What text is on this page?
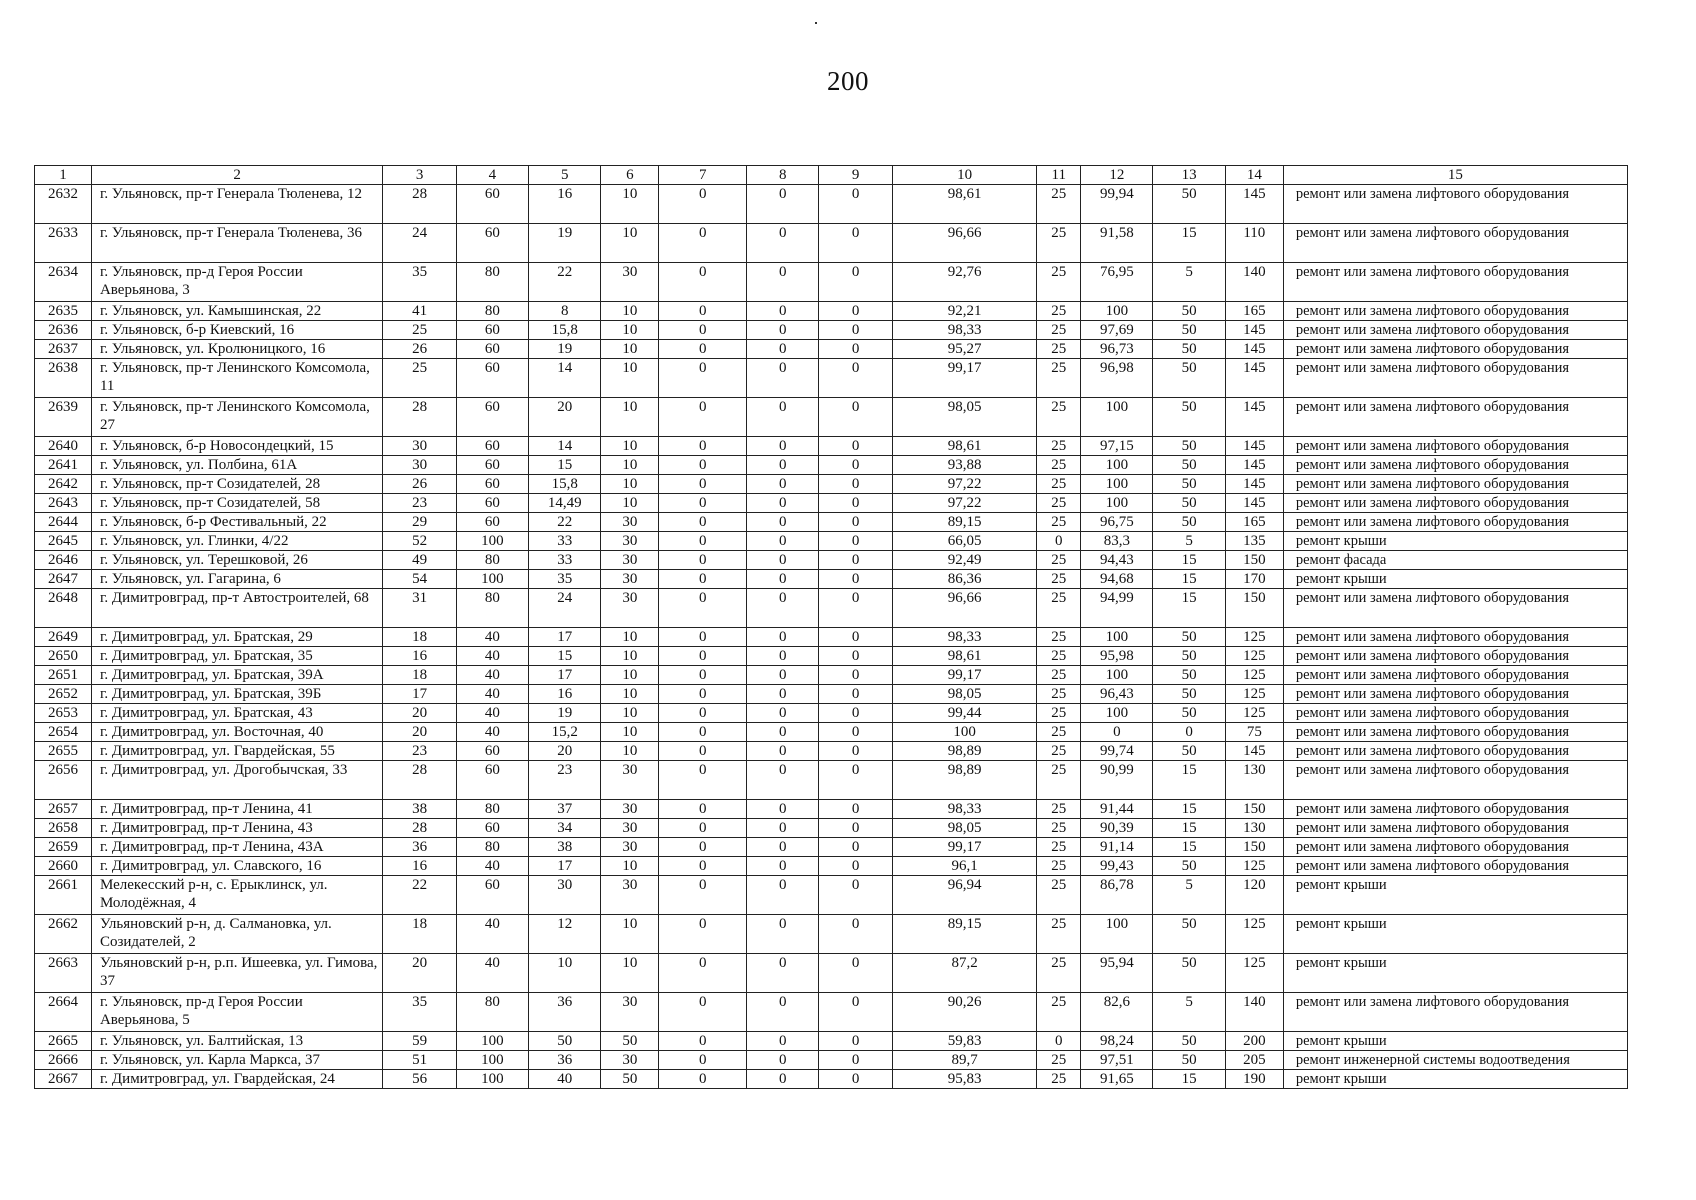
200
1	2	3	4	5	6	7	8	9	10	11	12	13	14	15
2632	г. Ульяновск, пр-т Генерала Тюленева, 12	28	60	16	10	0	0	0	98,61	25	99,94	50	145	ремонт или замена лифтового оборудования
2633	г. Ульяновск, пр-т Генерала Тюленева, 36	24	60	19	10	0	0	0	96,66	25	91,58	15	110	ремонт или замена лифтового оборудования
2634	г. Ульяновск, пр-д Героя России Аверьянова, 3	35	80	22	30	0	0	0	92,76	25	76,95	5	140	ремонт или замена лифтового оборудования
2635	г. Ульяновск, ул. Камышинская, 22	41	80	8	10	0	0	0	92,21	25	100	50	165	ремонт или замена лифтового оборудования
2636	г. Ульяновск, б-р Киевский, 16	25	60	15,8	10	0	0	0	98,33	25	97,69	50	145	ремонт или замена лифтового оборудования
2637	г. Ульяновск, ул. Кролюницкого, 16	26	60	19	10	0	0	0	95,27	25	96,73	50	145	ремонт или замена лифтового оборудования
2638	г. Ульяновск, пр-т Ленинского Комсомола, 11	25	60	14	10	0	0	0	99,17	25	96,98	50	145	ремонт или замена лифтового оборудования
2639	г. Ульяновск, пр-т Ленинского Комсомола, 27	28	60	20	10	0	0	0	98,05	25	100	50	145	ремонт или замена лифтового оборудования
2640	г. Ульяновск, б-р Новосондецкий, 15	30	60	14	10	0	0	0	98,61	25	97,15	50	145	ремонт или замена лифтового оборудования
2641	г. Ульяновск, ул. Полбина, 61А	30	60	15	10	0	0	0	93,88	25	100	50	145	ремонт или замена лифтового оборудования
2642	г. Ульяновск, пр-т Созидателей, 28	26	60	15,8	10	0	0	0	97,22	25	100	50	145	ремонт или замена лифтового оборудования
2643	г. Ульяновск, пр-т Созидателей, 58	23	60	14,49	10	0	0	0	97,22	25	100	50	145	ремонт или замена лифтового оборудования
2644	г. Ульяновск, б-р Фестивальный, 22	29	60	22	30	0	0	0	89,15	25	96,75	50	165	ремонт или замена лифтового оборудования
2645	г. Ульяновск, ул. Глинки, 4/22	52	100	33	30	0	0	0	66,05	0	83,3	5	135	ремонт крыши
2646	г. Ульяновск, ул. Терешковой, 26	49	80	33	30	0	0	0	92,49	25	94,43	15	150	ремонт фасада
2647	г. Ульяновск, ул. Гагарина, 6	54	100	35	30	0	0	0	86,36	25	94,68	15	170	ремонт крыши
2648	г. Димитровград, пр-т Автостроителей, 68	31	80	24	30	0	0	0	96,66	25	94,99	15	150	ремонт или замена лифтового оборудования
2649	г. Димитровград, ул. Братская, 29	18	40	17	10	0	0	0	98,33	25	100	50	125	ремонт или замена лифтового оборудования
2650	г. Димитровград, ул. Братская, 35	16	40	15	10	0	0	0	98,61	25	95,98	50	125	ремонт или замена лифтового оборудования
2651	г. Димитровград, ул. Братская, 39А	18	40	17	10	0	0	0	99,17	25	100	50	125	ремонт или замена лифтового оборудования
2652	г. Димитровград, ул. Братская, 39Б	17	40	16	10	0	0	0	98,05	25	96,43	50	125	ремонт или замена лифтового оборудования
2653	г. Димитровград, ул. Братская, 43	20	40	19	10	0	0	0	99,44	25	100	50	125	ремонт или замена лифтового оборудования
2654	г. Димитровград, ул. Восточная, 40	20	40	15,2	10	0	0	0	100	25	0	0	75	ремонт или замена лифтового оборудования
2655	г. Димитровград, ул. Гвардейская, 55	23	60	20	10	0	0	0	98,89	25	99,74	50	145	ремонт или замена лифтового оборудования
2656	г. Димитровград, ул. Дрогобычская, 33	28	60	23	30	0	0	0	98,89	25	90,99	15	130	ремонт или замена лифтового оборудования
2657	г. Димитровград, пр-т Ленина, 41	38	80	37	30	0	0	0	98,33	25	91,44	15	150	ремонт или замена лифтового оборудования
2658	г. Димитровград, пр-т Ленина, 43	28	60	34	30	0	0	0	98,05	25	90,39	15	130	ремонт или замена лифтового оборудования
2659	г. Димитровград, пр-т Ленина, 43А	36	80	38	30	0	0	0	99,17	25	91,14	15	150	ремонт или замена лифтового оборудования
2660	г. Димитровград, ул. Славского, 16	16	40	17	10	0	0	0	96,1	25	99,43	50	125	ремонт или замена лифтового оборудования
2661	Мелекесский р-н, с. Ерыклинск, ул. Молодёжная, 4	22	60	30	30	0	0	0	96,94	25	86,78	5	120	ремонт крыши
2662	Ульяновский р-н, д. Салмановка, ул. Созидателей, 2	18	40	12	10	0	0	0	89,15	25	100	50	125	ремонт крыши
2663	Ульяновский р-н, р.п. Ишеевка, ул. Гимова, 37	20	40	10	10	0	0	0	87,2	25	95,94	50	125	ремонт крыши
2664	г. Ульяновск, пр-д Героя России Аверьянова, 5	35	80	36	30	0	0	0	90,26	25	82,6	5	140	ремонт или замена лифтового оборудования
2665	г. Ульяновск, ул. Балтийская, 13	59	100	50	50	0	0	0	59,83	0	98,24	50	200	ремонт крыши
2666	г. Ульяновск, ул. Карла Маркса, 37	51	100	36	30	0	0	0	89,7	25	97,51	50	205	ремонт инженерной системы водоотведения
2667	г. Димитровград, ул. Гвардейская, 24	56	100	40	50	0	0	0	95,83	25	91,65	15	190	ремонт крыши
